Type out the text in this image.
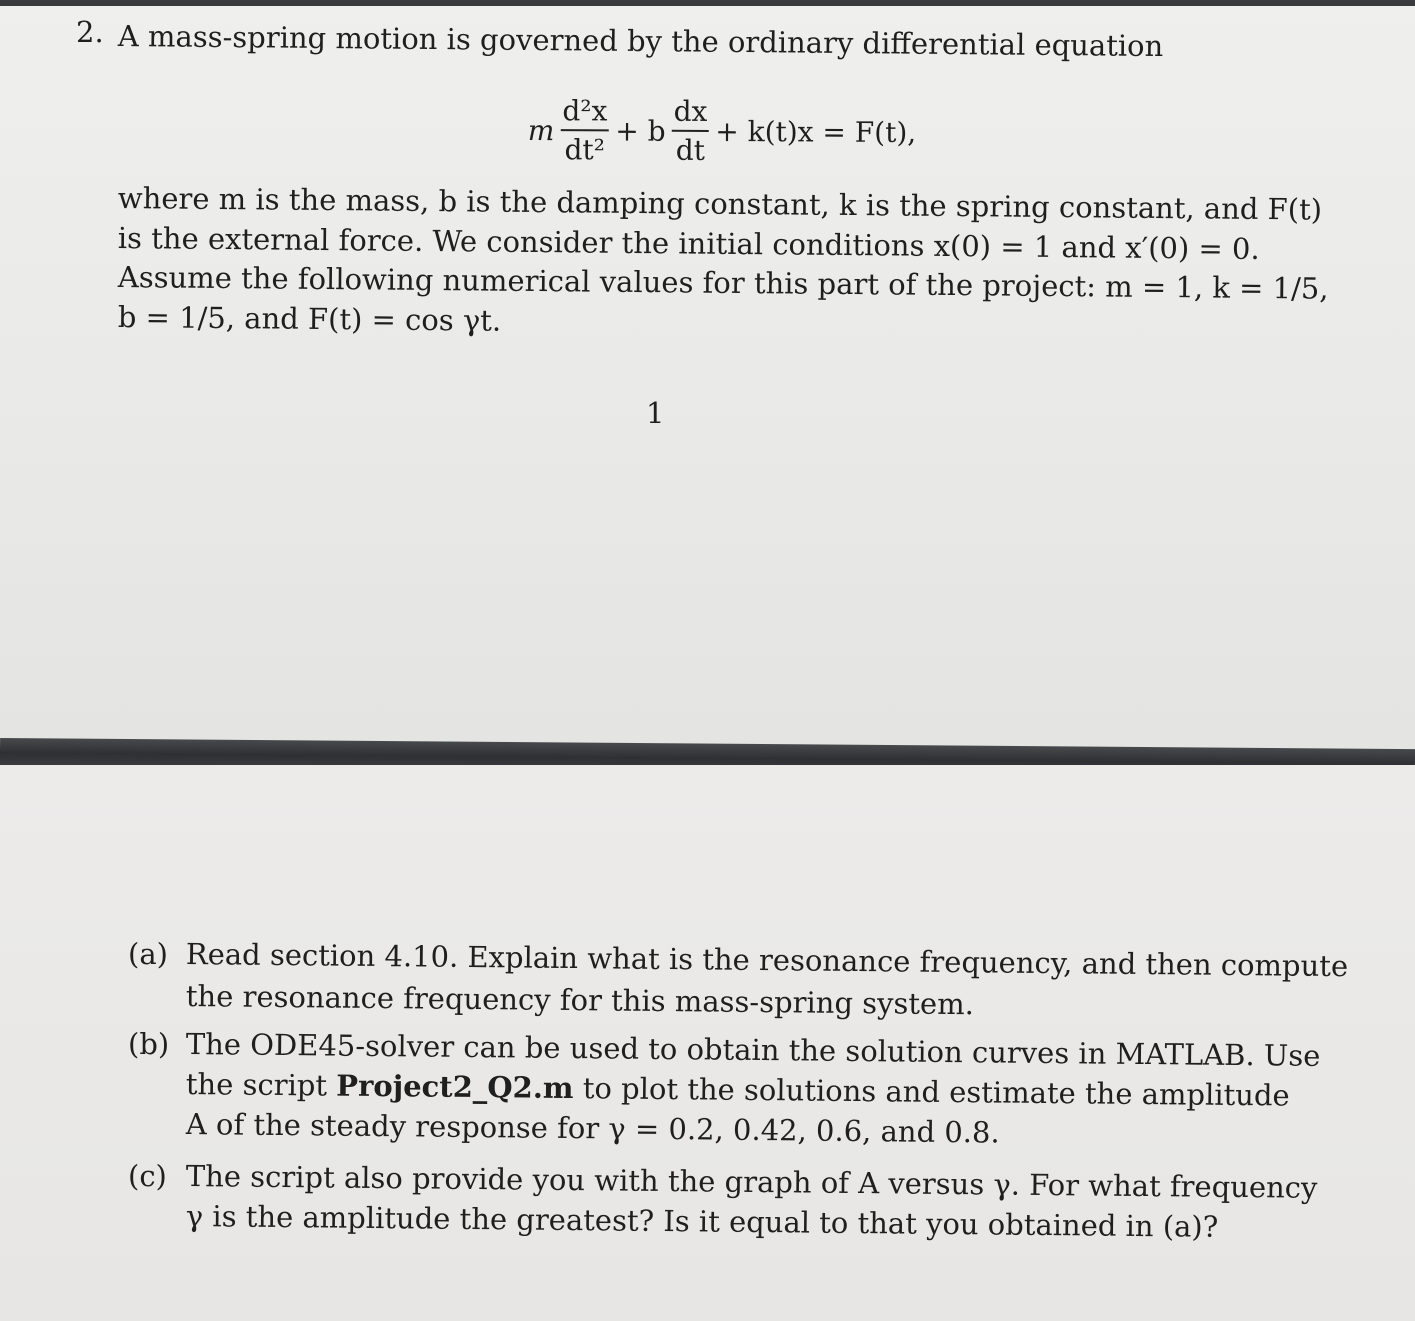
2. A mass-spring motion is governed by the ordinary differential equation
m $\frac{\text{d²x}}{\text{dt²}} + b \frac{dx}{dt} + k(t)x = F(t)$,
where m is the mass, b is the damping constant, k is the spring constant, and F(t)
is the external force. We consider the initial conditions x(0) = 1 and x′(0) = 0.
Assume the following numerical values for this part of the project: m = 1, k = 1/5,
b = 1/5, and F(t) = cos γt.
1
(a) Read section 4.10. Explain what is the resonance frequency, and then compute
the resonance frequency for this mass-spring system.
(b) The ODE45-solver can be used to obtain the solution curves in MATLAB. Use
the script Project2_Q2.m to plot the solutions and estimate the amplitude
A of the steady response for γ = 0.2, 0.42, 0.6, and 0.8.
(c) The script also provide you with the graph of A versus γ. For what frequency
γ is the amplitude the greatest? Is it equal to that you obtained in (a)?
